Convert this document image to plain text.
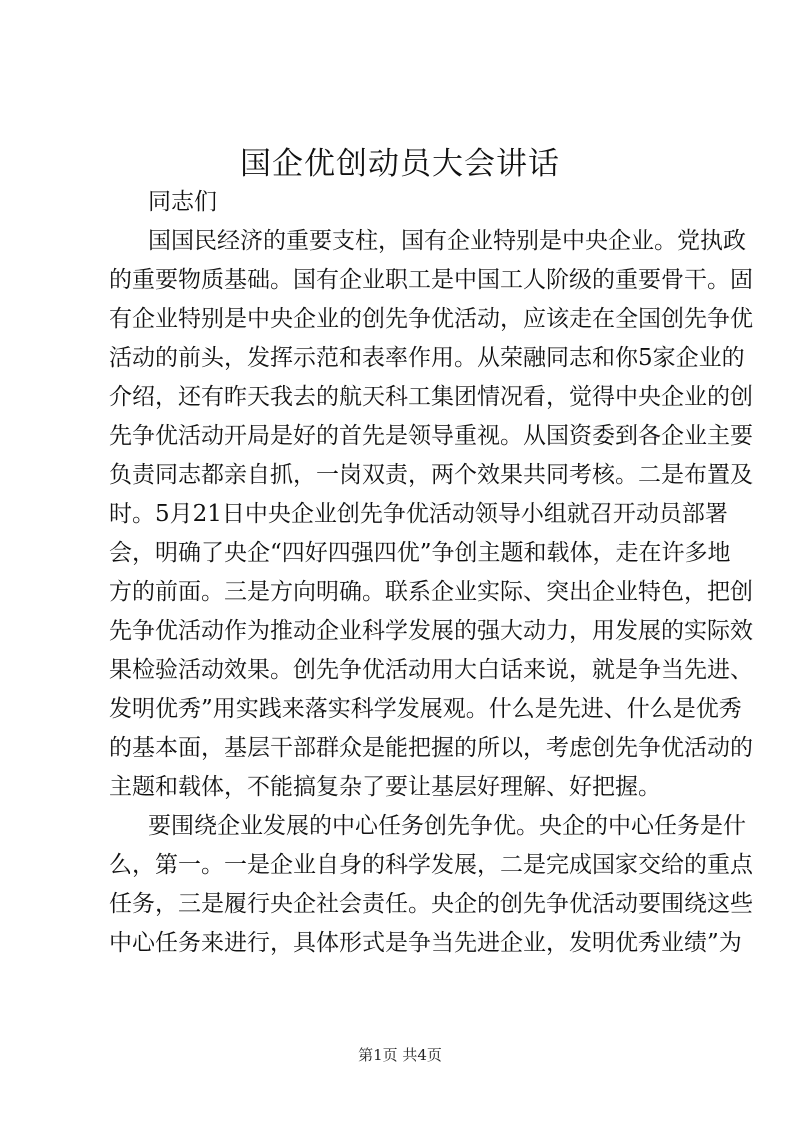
国企优创动员大会讲话
同志们
国国民经济的重要支柱，国有企业特别是中央企业。党执政
的重要物质基础。国有企业职工是中国工人阶级的重要骨干。固
有企业特别是中央企业的创先争优活动，应该走在全国创先争优
活动的前头，发挥示范和表率作用。从荣融同志和你5家企业的
介绍，还有昨天我去的航天科工集团情况看，觉得中央企业的创
先争优活动开局是好的首先是领导重视。从国资委到各企业主要
负责同志都亲自抓，一岗双责，两个效果共同考核。二是布置及
时。5月21日中央企业创先争优活动领导小组就召开动员部署
会，明确了央企“四好四强四优”争创主题和载体，走在许多地
方的前面。三是方向明确。联系企业实际、突出企业特色，把创
先争优活动作为推动企业科学发展的强大动力，用发展的实际效
果检验活动效果。创先争优活动用大白话来说，就是争当先进、
发明优秀”用实践来落实科学发展观。什么是先进、什么是优秀
的基本面，基层干部群众是能把握的所以，考虑创先争优活动的
主题和载体，不能搞复杂了要让基层好理解、好把握。
要围绕企业发展的中心任务创先争优。央企的中心任务是什
么，第一。一是企业自身的科学发展，二是完成国家交给的重点
任务，三是履行央企社会责任。央企的创先争优活动要围绕这些
中心任务来进行，具体形式是争当先进企业，发明优秀业绩”为
第1页 共4页
